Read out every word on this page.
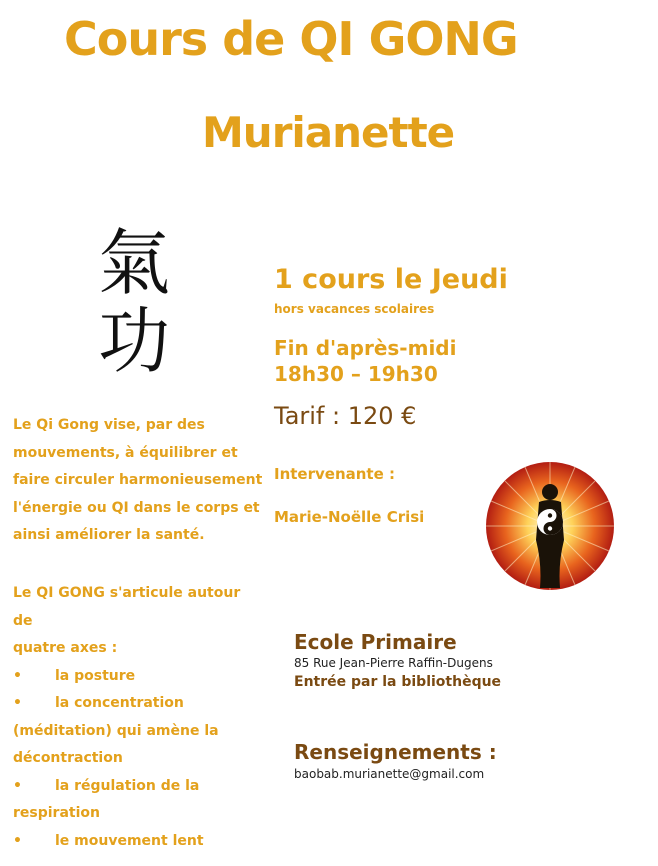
Cours de QI GONG
Murianette
氣
功
1 cours le Jeudi
hors vacances scolaires
Fin d'après-midi
18h30 – 19h30
Tarif : 120 €
Intervenante :
Marie-Noëlle Crisi
Le Qi Gong vise, par des
mouvements, à équilibrer et
faire circuler harmonieusement
l'énergie ou QI dans le corps et
ainsi améliorer la santé.
Le QI GONG s'articule autour de
quatre axes :
• la posture
• la concentration
(méditation) qui amène la
décontraction
• la régulation de la
respiration
• le mouvement lent
Ecole Primaire
85 Rue Jean-Pierre Raffin-Dugens
Entrée par la bibliothèque
Renseignements :
baobab.murianette@gmail.com
